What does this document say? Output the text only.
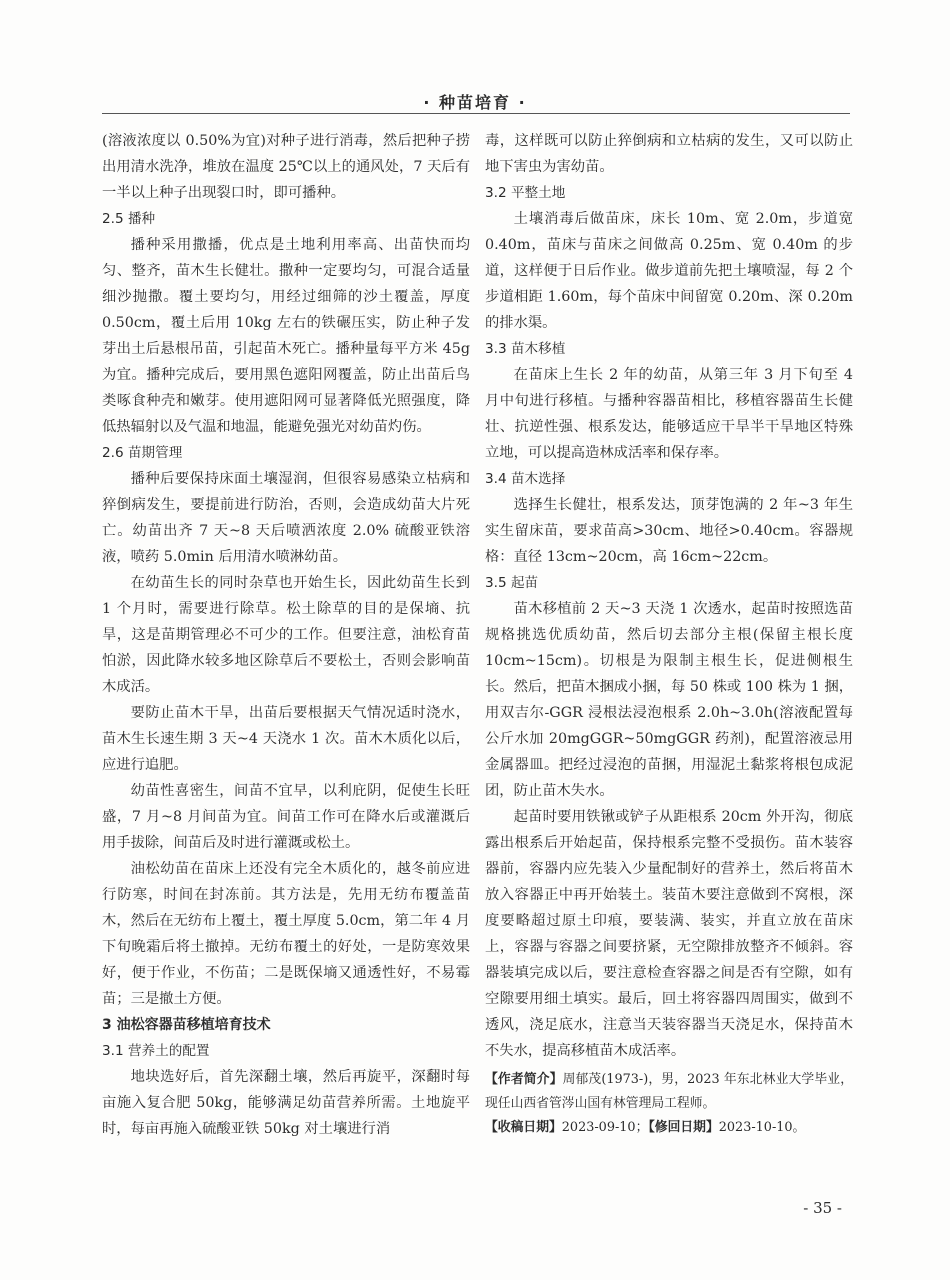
· 种苗培育 ·

(溶液浓度以 0.50%为宜)对种子进行消毒，然后把种子捞出用清水洗净，堆放在温度 25℃以上的通风处，7 天后有一半以上种子出现裂口时，即可播种。

2.5 播种

播种采用撒播，优点是土地利用率高、出苗快而均匀、整齐，苗木生长健壮。撒种一定要均匀，可混合适量细沙抛撒。覆土要均匀，用经过细筛的沙土覆盖，厚度 0.50cm，覆土后用 10kg 左右的铁碾压实，防止种子发芽出土后悬根吊苗，引起苗木死亡。播种量每平方米 45g 为宜。播种完成后，要用黑色遮阳网覆盖，防止出苗后鸟类啄食种壳和嫩芽。使用遮阳网可显著降低光照强度，降低热辐射以及气温和地温，能避免强光对幼苗灼伤。

2.6 苗期管理

播种后要保持床面土壤湿润，但很容易感染立枯病和猝倒病发生，要提前进行防治，否则，会造成幼苗大片死亡。幼苗出齐 7 天~8 天后喷洒浓度 2.0% 硫酸亚铁溶液，喷药 5.0min 后用清水喷淋幼苗。

在幼苗生长的同时杂草也开始生长，因此幼苗生长到 1 个月时，需要进行除草。松土除草的目的是保墒、抗旱，这是苗期管理必不可少的工作。但要注意，油松育苗怕淤，因此降水较多地区除草后不要松土，否则会影响苗木成活。

要防止苗木干旱，出苗后要根据天气情况适时浇水，苗木生长速生期 3 天~4 天浇水 1 次。苗木木质化以后，应进行追肥。

幼苗性喜密生，间苗不宜早，以利庇阴，促使生长旺盛，7 月~8 月间苗为宜。间苗工作可在降水后或灌溉后用手拔除，间苗后及时进行灌溉或松土。

油松幼苗在苗床上还没有完全木质化的，越冬前应进行防寒，时间在封冻前。其方法是，先用无纺布覆盖苗木，然后在无纺布上覆土，覆土厚度 5.0cm，第二年 4 月下旬晚霜后将土撤掉。无纺布覆土的好处，一是防寒效果好，便于作业，不伤苗；二是既保墒又通透性好，不易霉苗；三是撤土方便。

3 油松容器苗移植培育技术

3.1 营养土的配置

地块选好后，首先深翻土壤，然后再旋平，深翻时每亩施入复合肥 50kg，能够满足幼苗营养所需。土地旋平时，每亩再施入硫酸亚铁 50kg 对土壤进行消

毒，这样既可以防止猝倒病和立枯病的发生，又可以防止地下害虫为害幼苗。

3.2 平整土地

土壤消毒后做苗床，床长 10m、宽 2.0m，步道宽 0.40m，苗床与苗床之间做高 0.25m、宽 0.40m 的步道，这样便于日后作业。做步道前先把土壤喷湿，每 2 个步道相距 1.60m，每个苗床中间留宽 0.20m、深 0.20m 的排水渠。

3.3 苗木移植

在苗床上生长 2 年的幼苗，从第三年 3 月下旬至 4 月中旬进行移植。与播种容器苗相比，移植容器苗生长健壮、抗逆性强、根系发达，能够适应干旱半干旱地区特殊立地，可以提高造林成活率和保存率。

3.4 苗木选择

选择生长健壮，根系发达，顶芽饱满的 2 年~3 年生实生留床苗，要求苗高>30cm、地径>0.40cm。容器规格：直径 13cm~20cm，高 16cm~22cm。

3.5 起苗

苗木移植前 2 天~3 天浇 1 次透水，起苗时按照选苗规格挑选优质幼苗，然后切去部分主根(保留主根长度 10cm~15cm)。切根是为限制主根生长，促进侧根生长。然后，把苗木捆成小捆，每 50 株或 100 株为 1 捆，用双吉尔-GGR 浸根法浸泡根系 2.0h~3.0h(溶液配置每公斤水加 20mgGGR~50mgGGR 药剂)，配置溶液忌用金属器皿。把经过浸泡的苗捆，用湿泥土黏浆将根包成泥团，防止苗木失水。

起苗时要用铁锹或铲子从距根系 20cm 外开沟，彻底露出根系后开始起苗，保持根系完整不受损伤。苗木装容器前，容器内应先装入少量配制好的营养土，然后将苗木放入容器正中再开始装土。装苗木要注意做到不窝根，深度要略超过原土印痕，要装满、装实，并直立放在苗床上，容器与容器之间要挤紧，无空隙排放整齐不倾斜。容器装填完成以后，要注意检查容器之间是否有空隙，如有空隙要用细土填实。最后，回土将容器四周围实，做到不透风，浇足底水，注意当天装容器当天浇足水，保持苗木不失水，提高移植苗木成活率。

【作者简介】周郁茂(1973-)，男，2023 年东北林业大学毕业，现任山西省管涔山国有林管理局工程师。

【收稿日期】2023-09-10；【修回日期】2023-10-10。

- 35 -
